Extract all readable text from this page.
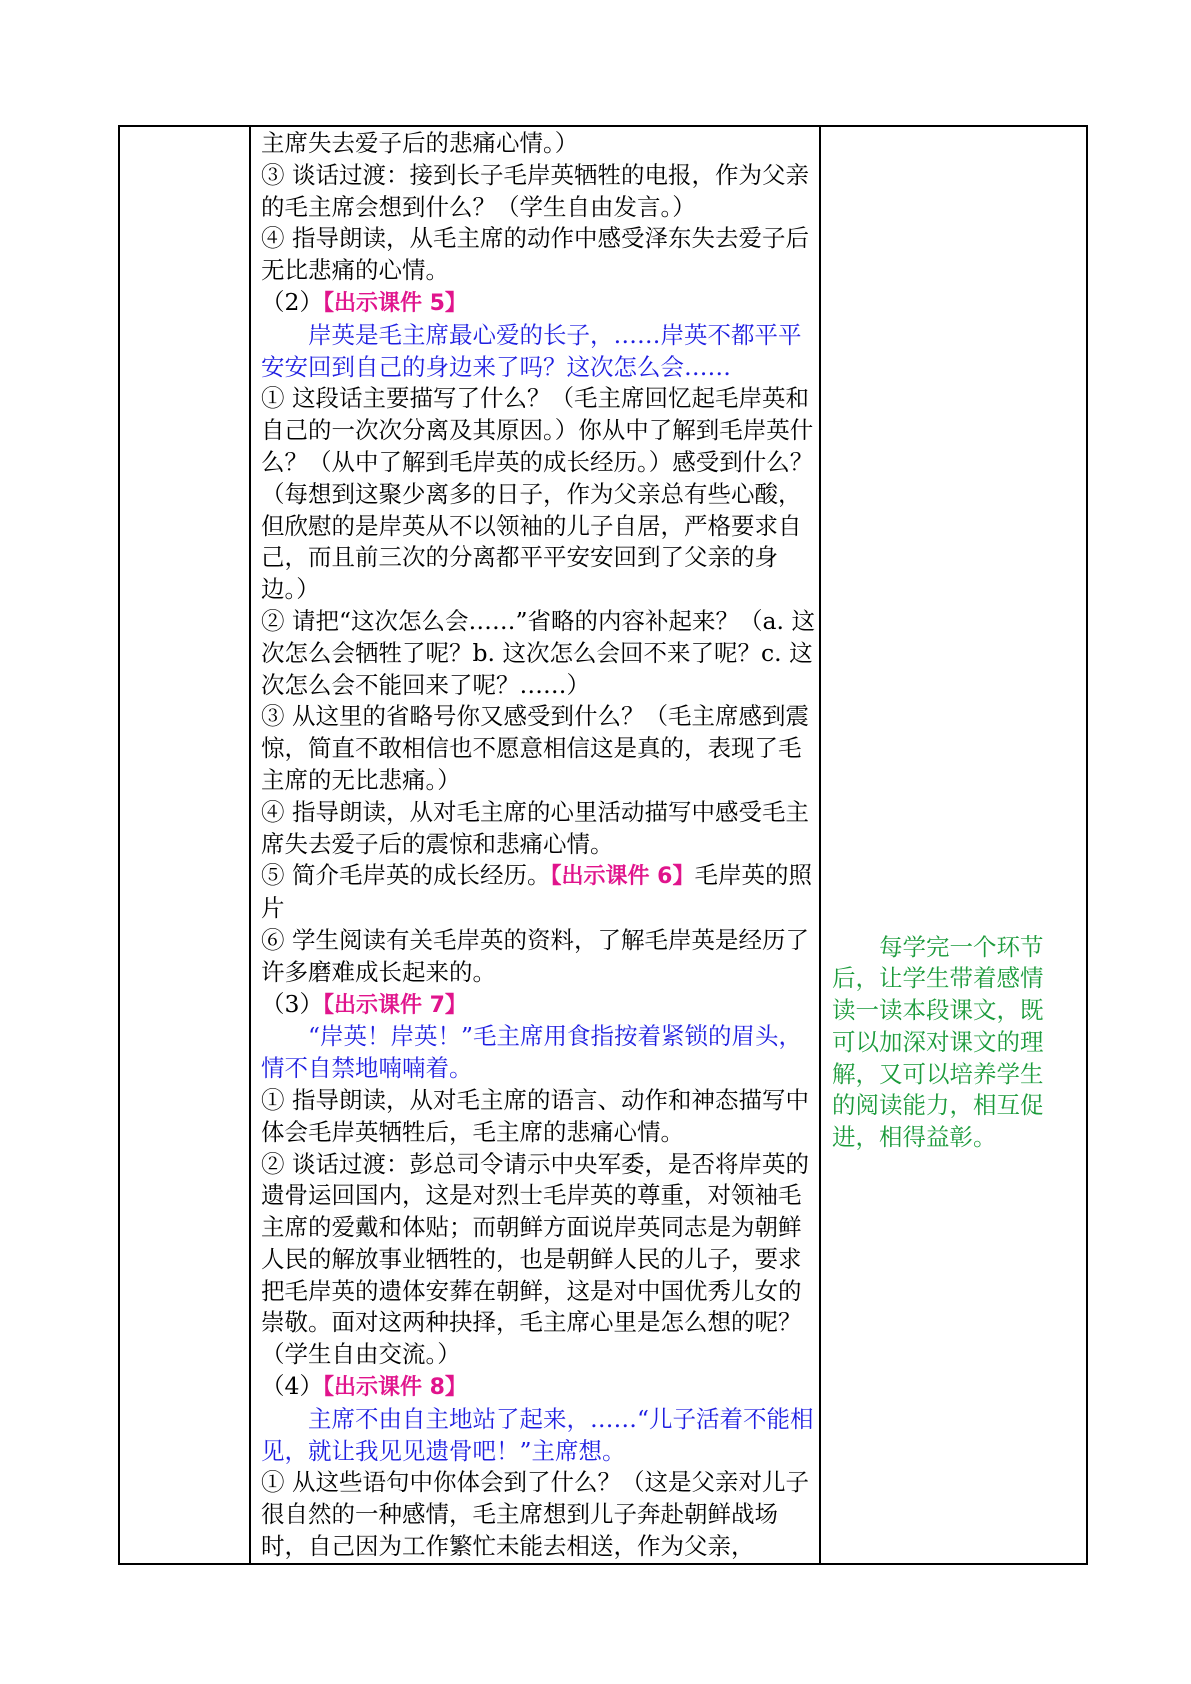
主席失去爱子后的悲痛心情。）

③ 谈话过渡：接到长子毛岸英牺牲的电报，作为父亲的毛主席会想到什么？（学生自由发言。）

④ 指导朗读，从毛主席的动作中感受泽东失去爱子后无比悲痛的心情。

（2）【出示课件 5】

岸英是毛主席最心爱的长子，……岸英不都平平安安回到自己的身边来了吗？这次怎么会……

① 这段话主要描写了什么？（毛主席回忆起毛岸英和自己的一次次分离及其原因。）你从中了解到毛岸英什么？（从中了解到毛岸英的成长经历。）感受到什么？（每想到这聚少离多的日子，作为父亲总有些心酸，但欣慰的是岸英从不以领袖的儿子自居，严格要求自己，而且前三次的分离都平平安安回到了父亲的身边。）

② 请把“这次怎么会……”省略的内容补起来？（a. 这次怎么会牺牲了呢？b. 这次怎么会回不来了呢？c. 这次怎么会不能回来了呢？……）

③ 从这里的省略号你又感受到什么？（毛主席感到震惊，简直不敢相信也不愿意相信这是真的，表现了毛主席的无比悲痛。）

④ 指导朗读，从对毛主席的心里活动描写中感受毛主席失去爱子后的震惊和悲痛心情。

⑤ 简介毛岸英的成长经历。【出示课件 6】毛岸英的照片

⑥ 学生阅读有关毛岸英的资料，了解毛岸英是经历了许多磨难成长起来的。

（3）【出示课件 7】

“岸英！岸英！”毛主席用食指按着紧锁的眉头，情不自禁地喃喃着。

① 指导朗读，从对毛主席的语言、动作和神态描写中体会毛岸英牺牲后，毛主席的悲痛心情。

② 谈话过渡：彭总司令请示中央军委，是否将岸英的遗骨运回国内，这是对烈士毛岸英的尊重，对领袖毛主席的爱戴和体贴；而朝鲜方面说岸英同志是为朝鲜人民的解放事业牺牲的，也是朝鲜人民的儿子，要求把毛岸英的遗体安葬在朝鲜，这是对中国优秀儿女的崇敬。面对这两种抉择，毛主席心里是怎么想的呢？（学生自由交流。）

（4）【出示课件 8】

主席不由自主地站了起来，……“儿子活着不能相见，就让我见见遗骨吧！”主席想。

① 从这些语句中你体会到了什么？（这是父亲对儿子很自然的一种感情，毛主席想到儿子奔赴朝鲜战场时，自己因为工作繁忙未能去相送，作为父亲，

每学完一个环节后，让学生带着感情读一读本段课文，既可以加深对课文的理解，又可以培养学生的阅读能力，相互促进，相得益彰。
